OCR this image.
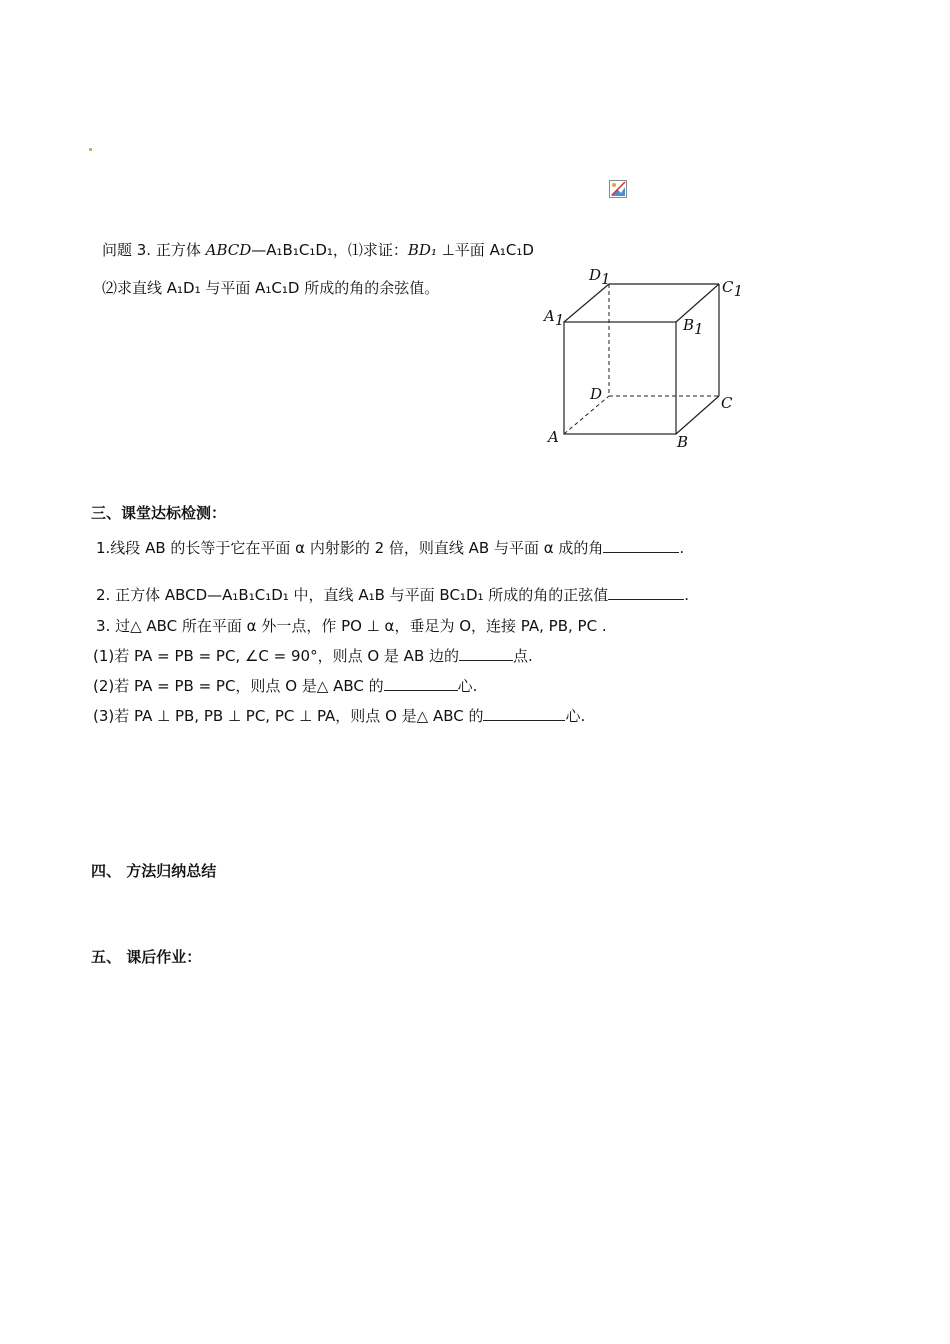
问题 3. 正方体 ABCD—A₁B₁C₁D₁，⑴求证：BD₁ ⊥平面 A₁C₁D
⑵求直线 A₁D₁ 与平面 A₁C₁D 所成的角的余弦值。
D1	C1
A1	B1
D	C
A	B
三、课堂达标检测：
1.线段 AB 的长等于它在平面 α 内射影的 2 倍，则直线 AB 与平面 α 成的角	.
2. 正方体 ABCD—A₁B₁C₁D₁ 中，直线 A₁B 与平面 BC₁D₁ 所成的角的正弦值	.
3. 过△ ABC 所在平面 α 外一点，作 PO ⊥ α，垂足为 O，连接 PA, PB, PC .
(1)若 PA = PB = PC, ∠C = 90°，则点 O 是 AB 边的	点.
(2)若 PA = PB = PC，则点 O 是△ ABC 的	心.
(3)若 PA ⊥ PB, PB ⊥ PC, PC ⊥ PA，则点 O 是△ ABC 的	心.
四、 方法归纳总结
五、 课后作业：
